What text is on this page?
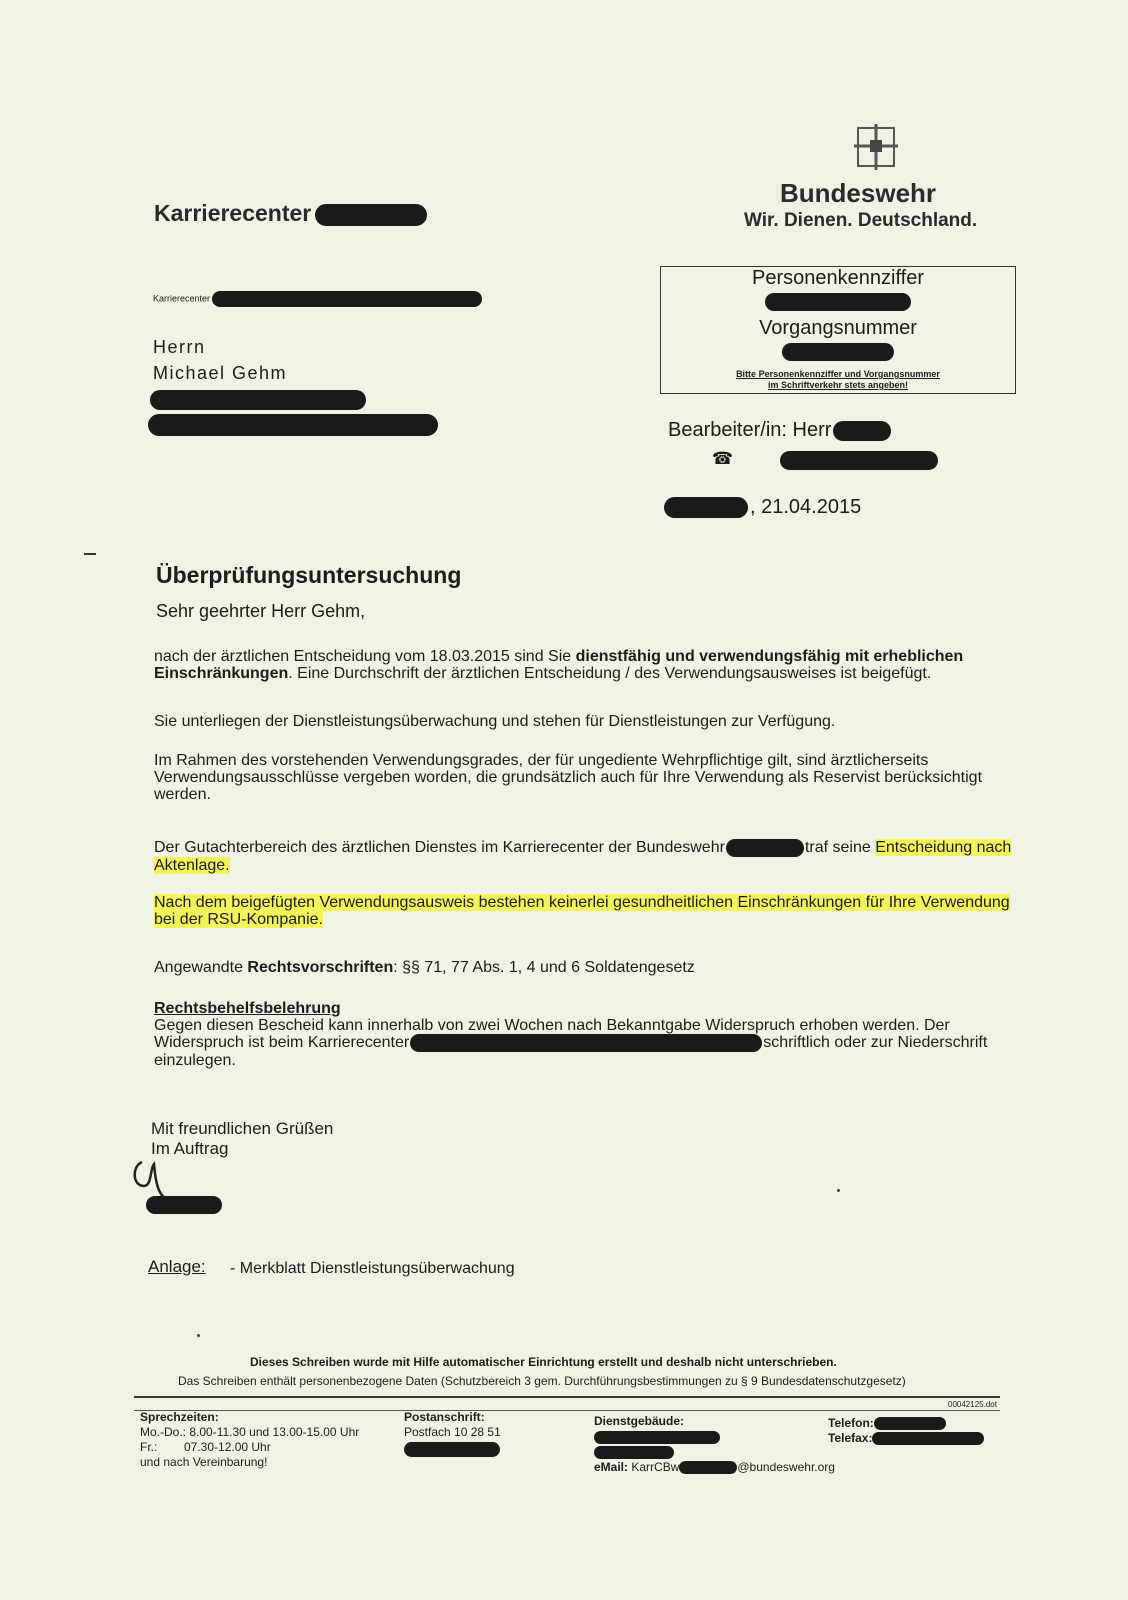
Karrierecenter
Bundeswehr
Wir. Dienen. Deutschland.
Personenkennziffer
Vorgangsnummer
Bitte Personenkennziffer und Vorgangsnummer
im Schriftverkehr stets angeben!
Karrierecenter
Herrn
Michael Gehm
Bearbeiter/in: Herr
☎
, 21.04.2015
Überprüfungsuntersuchung
Sehr geehrter Herr Gehm,
nach der ärztlichen Entscheidung vom 18.03.2015 sind Sie dienstfähig und verwendungsfähig mit erheblichen Einschränkungen. Eine Durchschrift der ärztlichen Entscheidung / des Verwendungsausweises ist beigefügt.
Sie unterliegen der Dienstleistungsüberwachung und stehen für Dienstleistungen zur Verfügung.
Im Rahmen des vorstehenden Verwendungsgrades, der für ungediente Wehrpflichtige gilt, sind ärztlicherseits Verwendungsausschlüsse vergeben worden, die grundsätzlich auch für Ihre Verwendung als Reservist berücksichtigt werden.
Der Gutachterbereich des ärztlichen Dienstes im Karrierecenter der Bundeswehr	traf seine Entscheidung nach Aktenlage.
Nach dem beigefügten Verwendungsausweis bestehen keinerlei gesundheitlichen Einschränkungen für Ihre Verwendung bei der RSU-Kompanie.
Angewandte Rechtsvorschriften: §§ 71, 77 Abs. 1, 4 und 6 Soldatengesetz
Rechtsbehelfsbelehrung
Gegen diesen Bescheid kann innerhalb von zwei Wochen nach Bekanntgabe Widerspruch erhoben werden. Der Widerspruch ist beim Karrierecenter	schriftlich oder zur Niederschrift einzulegen.
Mit freundlichen Grüßen
Im Auftrag
Anlage: - Merkblatt Dienstleistungsüberwachung
Dieses Schreiben wurde mit Hilfe automatischer Einrichtung erstellt und deshalb nicht unterschrieben.
Das Schreiben enthält personenbezogene Daten (Schutzbereich 3 gem. Durchführungsbestimmungen zu § 9 Bundesdatenschutzgesetz)
00042125.dot
Sprechzeiten:
Mo.-Do.: 8.00-11.30 und 13.00-15.00 Uhr
Fr.:        07.30-12.00 Uhr
und nach Vereinbarung!
Postanschrift:
Postfach 10 28 51
Dienstgebäude:
eMail: KarrCBw	@bundeswehr.org
Telefon:
Telefax:
